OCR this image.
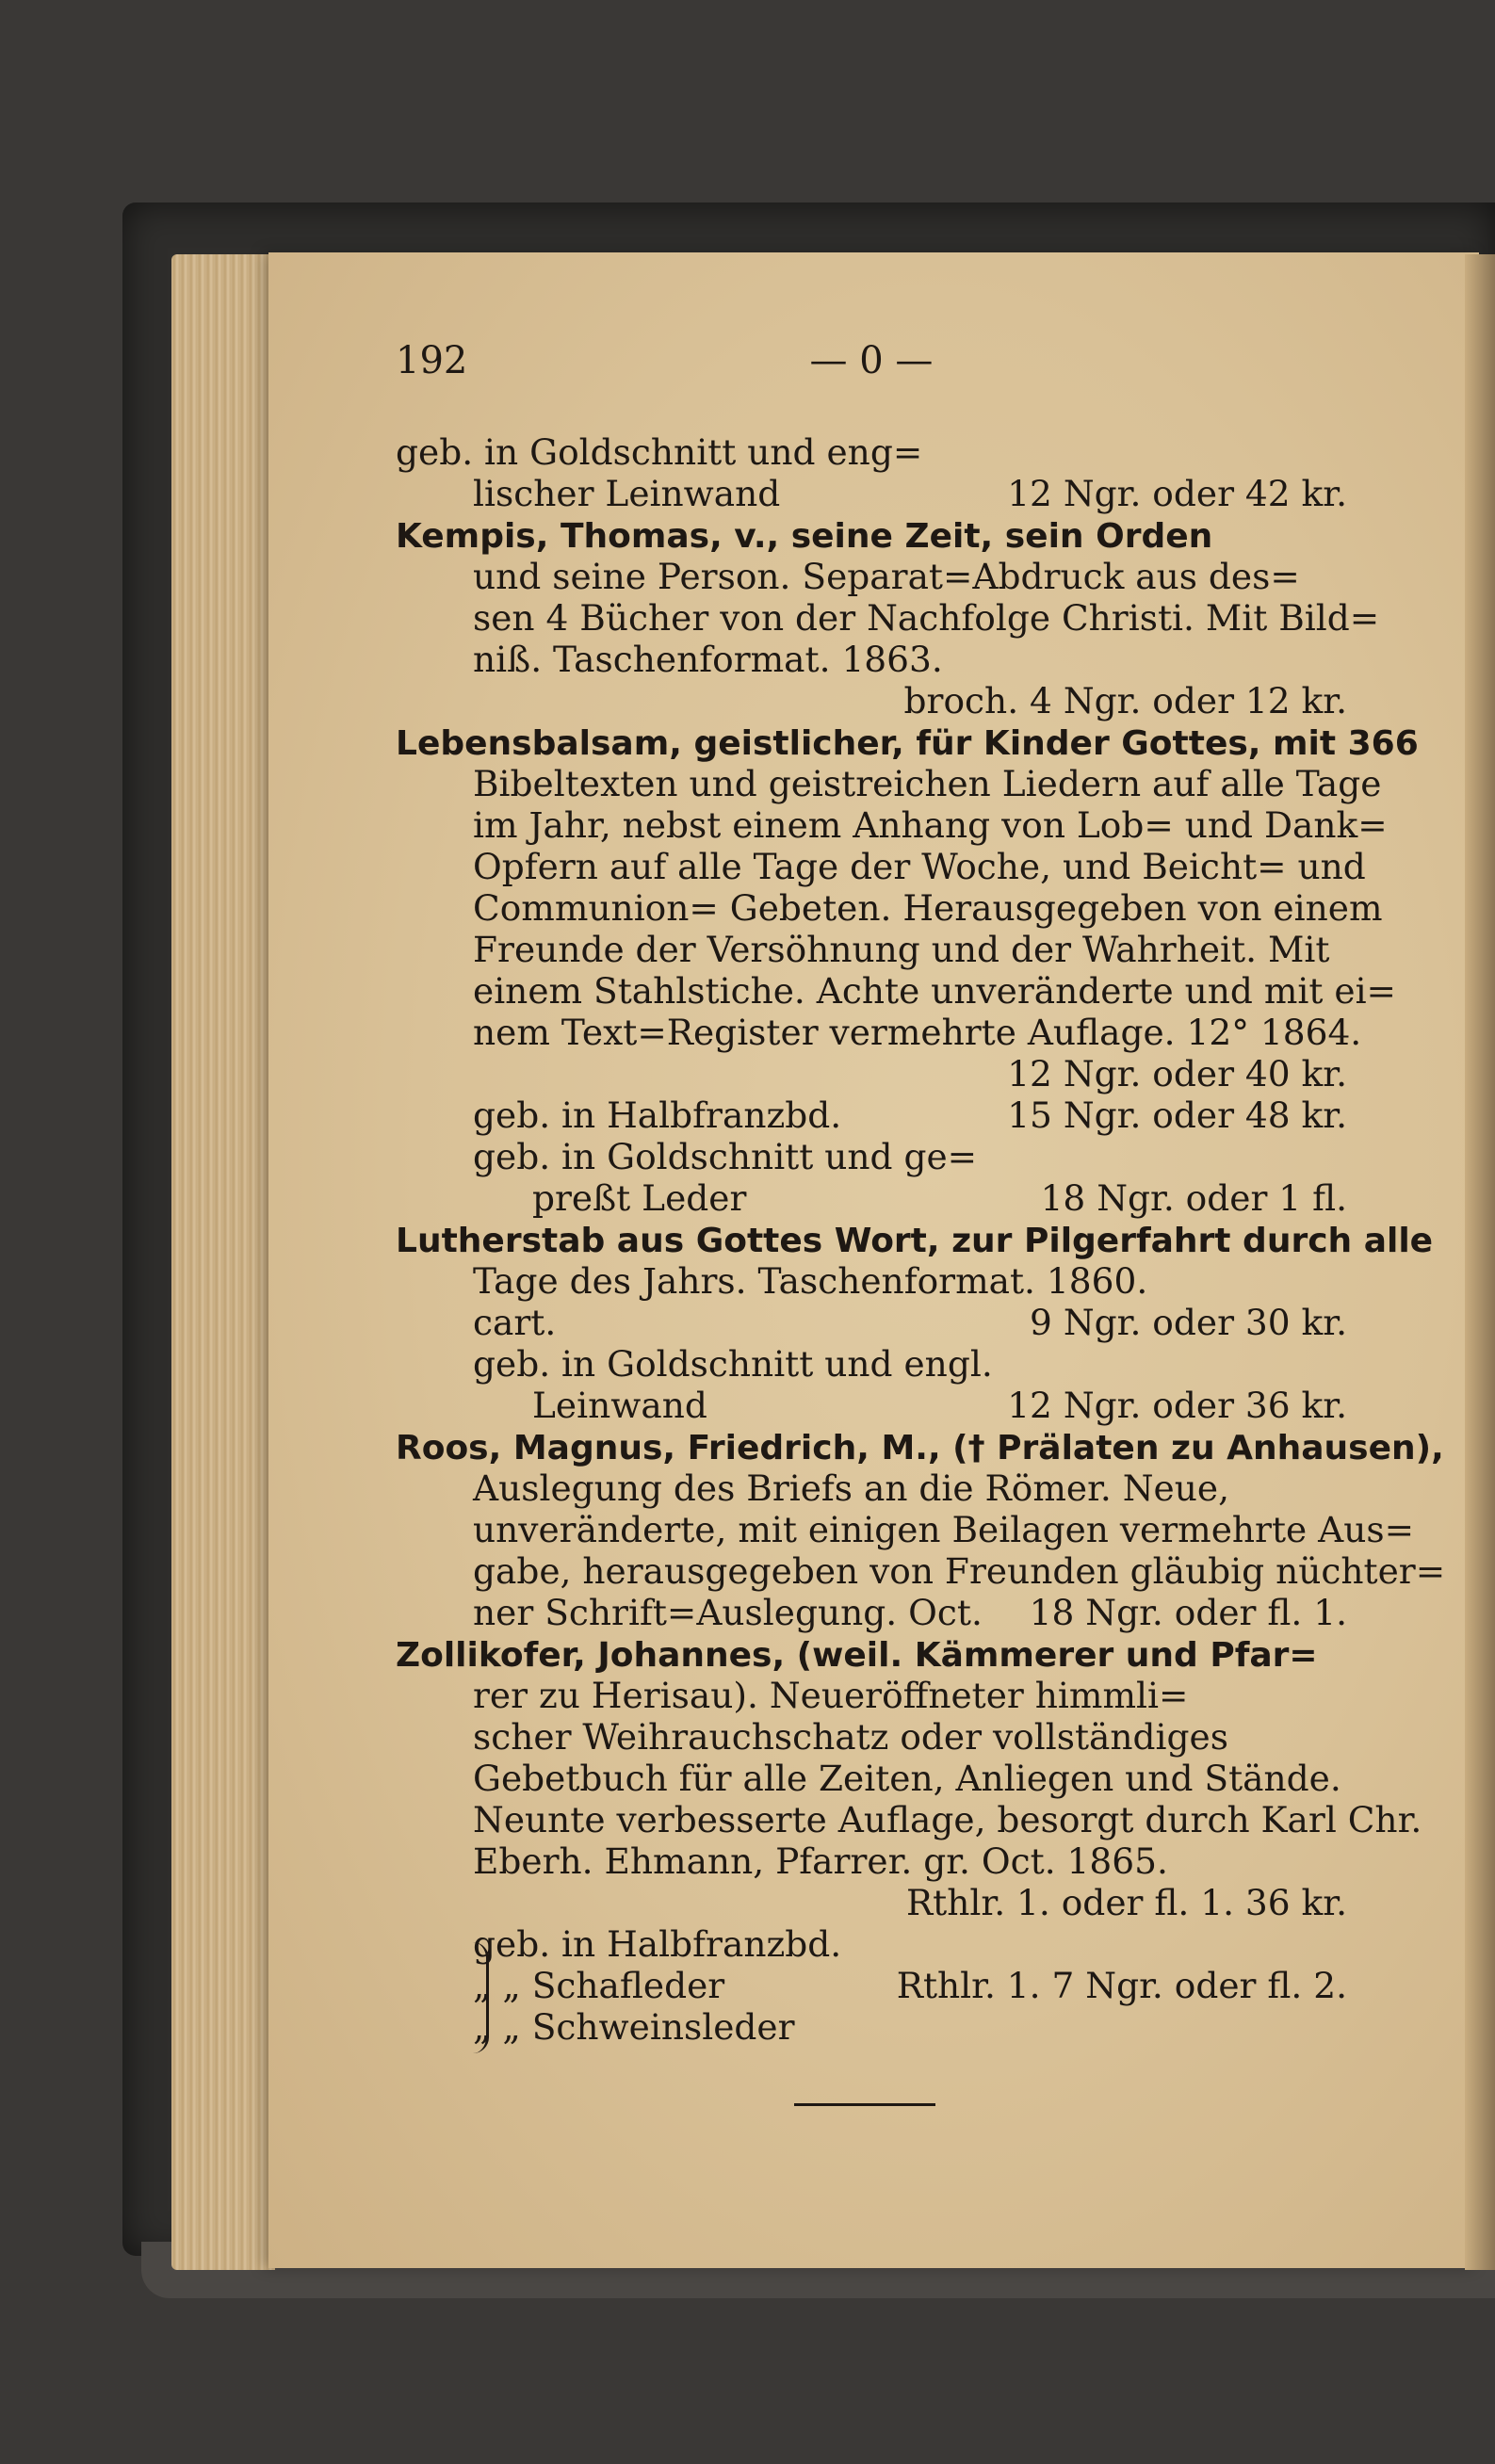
192	— 0 —
geb. in Goldschnitt und eng=
lischer Leinwand	12 Ngr. oder 42 kr.
Kempis, Thomas, v., seine Zeit, sein Orden
und seine Person. Separat=Abdruck aus des=
sen 4 Bücher von der Nachfolge Christi. Mit Bild=
niß. Taschenformat. 1863.
broch. 4 Ngr. oder 12 kr.
Lebensbalsam, geistlicher, für Kinder Gottes, mit 366
Bibeltexten und geistreichen Liedern auf alle Tage
im Jahr, nebst einem Anhang von Lob= und Dank=
Opfern auf alle Tage der Woche, und Beicht= und
Communion= Gebeten. Herausgegeben von einem
Freunde der Versöhnung und der Wahrheit. Mit
einem Stahlstiche. Achte unveränderte und mit ei=
nem Text=Register vermehrte Auflage. 12° 1864.
12 Ngr. oder 40 kr.
geb. in Halbfranzbd.	15 Ngr. oder 48 kr.
geb. in Goldschnitt und ge=
preßt Leder	18 Ngr. oder 1 fl.
Lutherstab aus Gottes Wort, zur Pilgerfahrt durch alle
Tage des Jahrs. Taschenformat. 1860.
cart.	9 Ngr. oder 30 kr.
geb. in Goldschnitt und engl.
Leinwand	12 Ngr. oder 36 kr.
Roos, Magnus, Friedrich, M., († Prälaten zu Anhausen),
Auslegung des Briefs an die Römer. Neue,
unveränderte, mit einigen Beilagen vermehrte Aus=
gabe, herausgegeben von Freunden gläubig nüchter=
ner Schrift=Auslegung. Oct. 18 Ngr. oder fl. 1.
Zollikofer, Johannes, (weil. Kämmerer und Pfar=
rer zu Herisau). Neueröffneter himmli=
scher Weihrauchschatz oder vollständiges
Gebetbuch für alle Zeiten, Anliegen und Stände.
Neunte verbesserte Auflage, besorgt durch Karl Chr.
Eberh. Ehmann, Pfarrer. gr. Oct. 1865.
Rthlr. 1. oder fl. 1. 36 kr.
geb. in Halbfranzbd.
„ „ Schafleder	Rthlr. 1. 7 Ngr. oder fl. 2.
„ „ Schweinsleder
